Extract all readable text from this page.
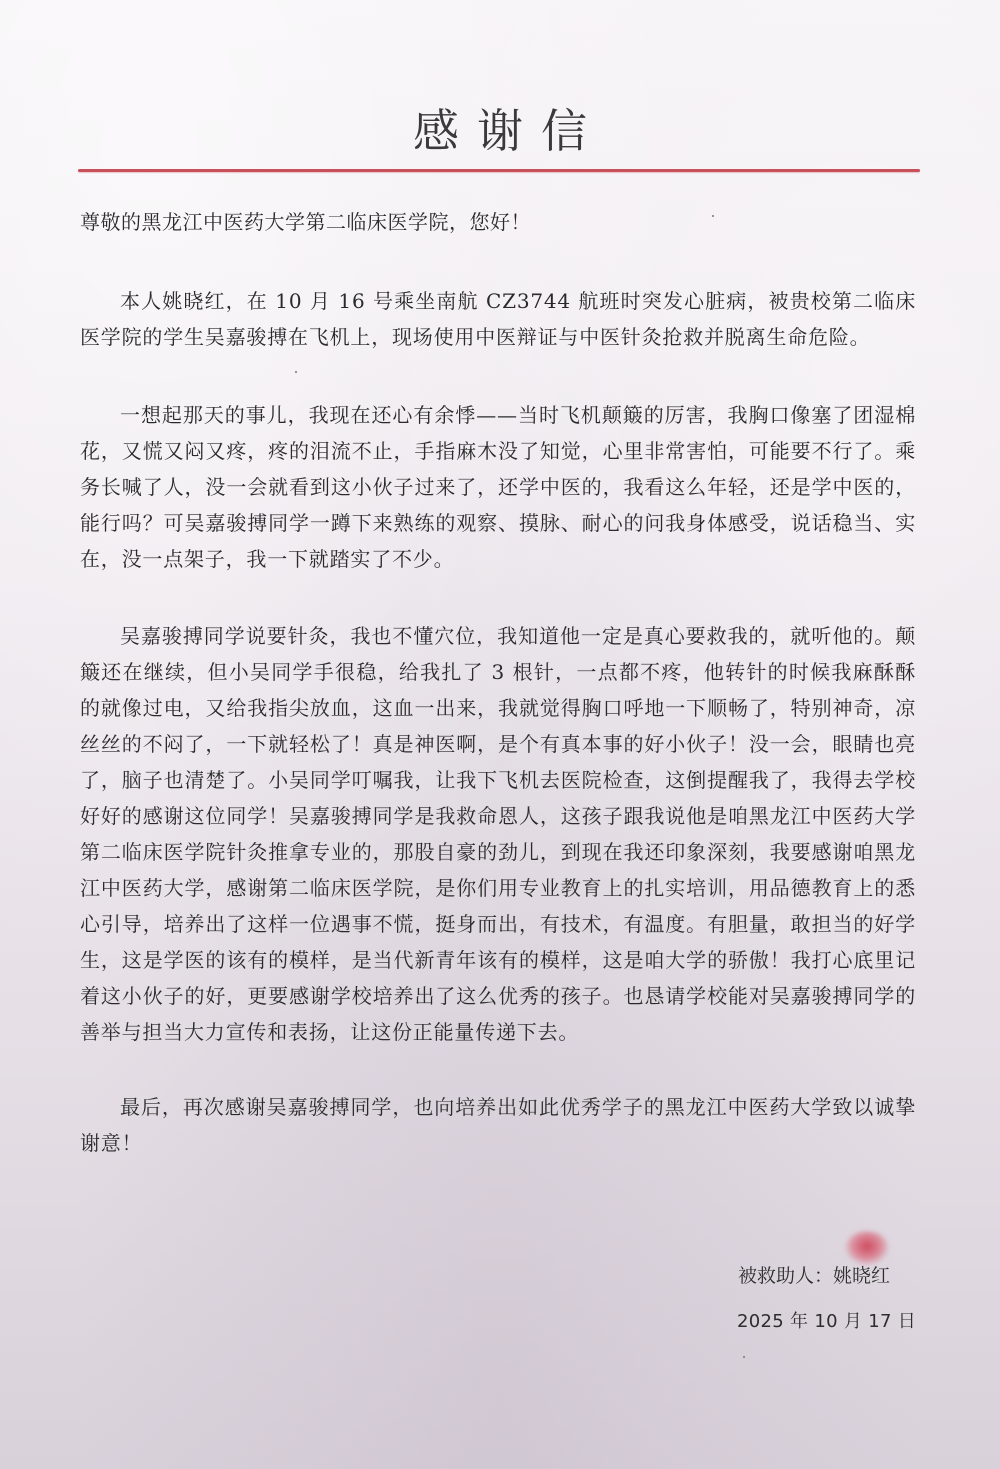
感谢信
尊敬的黑龙江中医药大学第二临床医学院，您好！

本人姚晓红，在 10 月 16 号乘坐南航 CZ3744 航班时突发心脏病，被贵校第二临床医学院的学生吴嘉骏搏在飞机上，现场使用中医辩证与中医针灸抢救并脱离生命危险。

一想起那天的事儿，我现在还心有余悸——当时飞机颠簸的厉害，我胸口像塞了团湿棉花，又慌又闷又疼，疼的泪流不止，手指麻木没了知觉，心里非常害怕，可能要不行了。乘务长喊了人，没一会就看到这小伙子过来了，还学中医的，我看这么年轻，还是学中医的，能行吗？可吴嘉骏搏同学一蹲下来熟练的观察、摸脉、耐心的问我身体感受，说话稳当、实在，没一点架子，我一下就踏实了不少。

吴嘉骏搏同学说要针灸，我也不懂穴位，我知道他一定是真心要救我的，就听他的。颠簸还在继续，但小吴同学手很稳，给我扎了 3 根针，一点都不疼，他转针的时候我麻酥酥的就像过电，又给我指尖放血，这血一出来，我就觉得胸口呼地一下顺畅了，特别神奇，凉丝丝的不闷了，一下就轻松了！真是神医啊，是个有真本事的好小伙子！没一会，眼睛也亮了，脑子也清楚了。小吴同学叮嘱我，让我下飞机去医院检查，这倒提醒我了，我得去学校好好的感谢这位同学！吴嘉骏搏同学是我救命恩人，这孩子跟我说他是咱黑龙江中医药大学第二临床医学院针灸推拿专业的，那股自豪的劲儿，到现在我还印象深刻，我要感谢咱黑龙江中医药大学，感谢第二临床医学院，是你们用专业教育上的扎实培训，用品德教育上的悉心引导，培养出了这样一位遇事不慌，挺身而出，有技术，有温度。有胆量，敢担当的好学生，这是学医的该有的模样，是当代新青年该有的模样，这是咱大学的骄傲！我打心底里记着这小伙子的好，更要感谢学校培养出了这么优秀的孩子。也恳请学校能对吴嘉骏搏同学的善举与担当大力宣传和表扬，让这份正能量传递下去。

最后，再次感谢吴嘉骏搏同学，也向培养出如此优秀学子的黑龙江中医药大学致以诚挚谢意！

被救助人：
姚晓红
2025 年 10 月 17 日
